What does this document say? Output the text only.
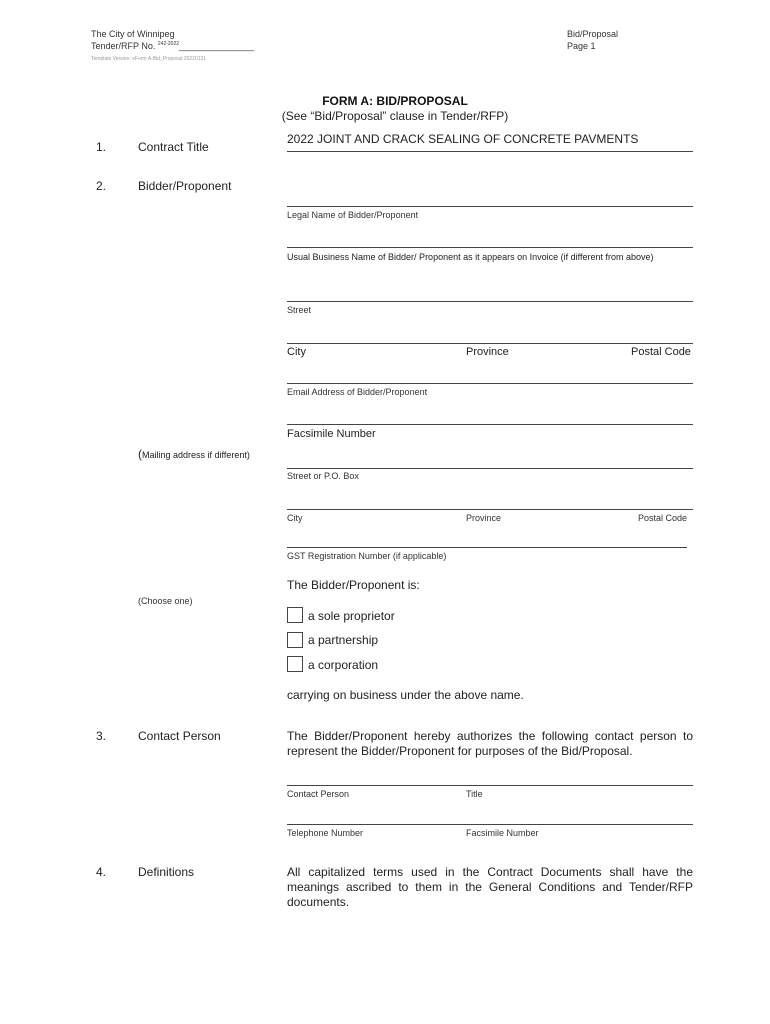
The City of Winnipeg
Tender/RFP No. $^{242-2022}$_______________
Template Version: eForm A-Bid_Proposal 20220131
Bid/Proposal
Page 1
FORM A: BID/PROPOSAL
(See “Bid/Proposal” clause in Tender/RFP)
1.	Contract Title
2022 JOINT AND CRACK SEALING OF CONCRETE PAVMENTS
2.	Bidder/Proponent
Legal Name of Bidder/Proponent
Usual Business Name of Bidder/ Proponent as it appears on Invoice (if different from above)
Street
City	Province	Postal Code
Email Address of Bidder/Proponent
Facsimile Number
(Mailing address if different)
Street or P.O. Box
City	Province	Postal Code
GST Registration Number (if applicable)
The Bidder/Proponent is:
(Choose one)
a sole proprietor
a partnership
a corporation
carrying on business under the above name.
3.	Contact Person	The Bidder/Proponent hereby authorizes the following contact person to represent the Bidder/Proponent for purposes of the Bid/Proposal.
Contact Person	Title
Telephone Number	Facsimile Number
4.	Definitions	All capitalized terms used in the Contract Documents shall have the meanings ascribed to them in the General Conditions and Tender/RFP documents.
